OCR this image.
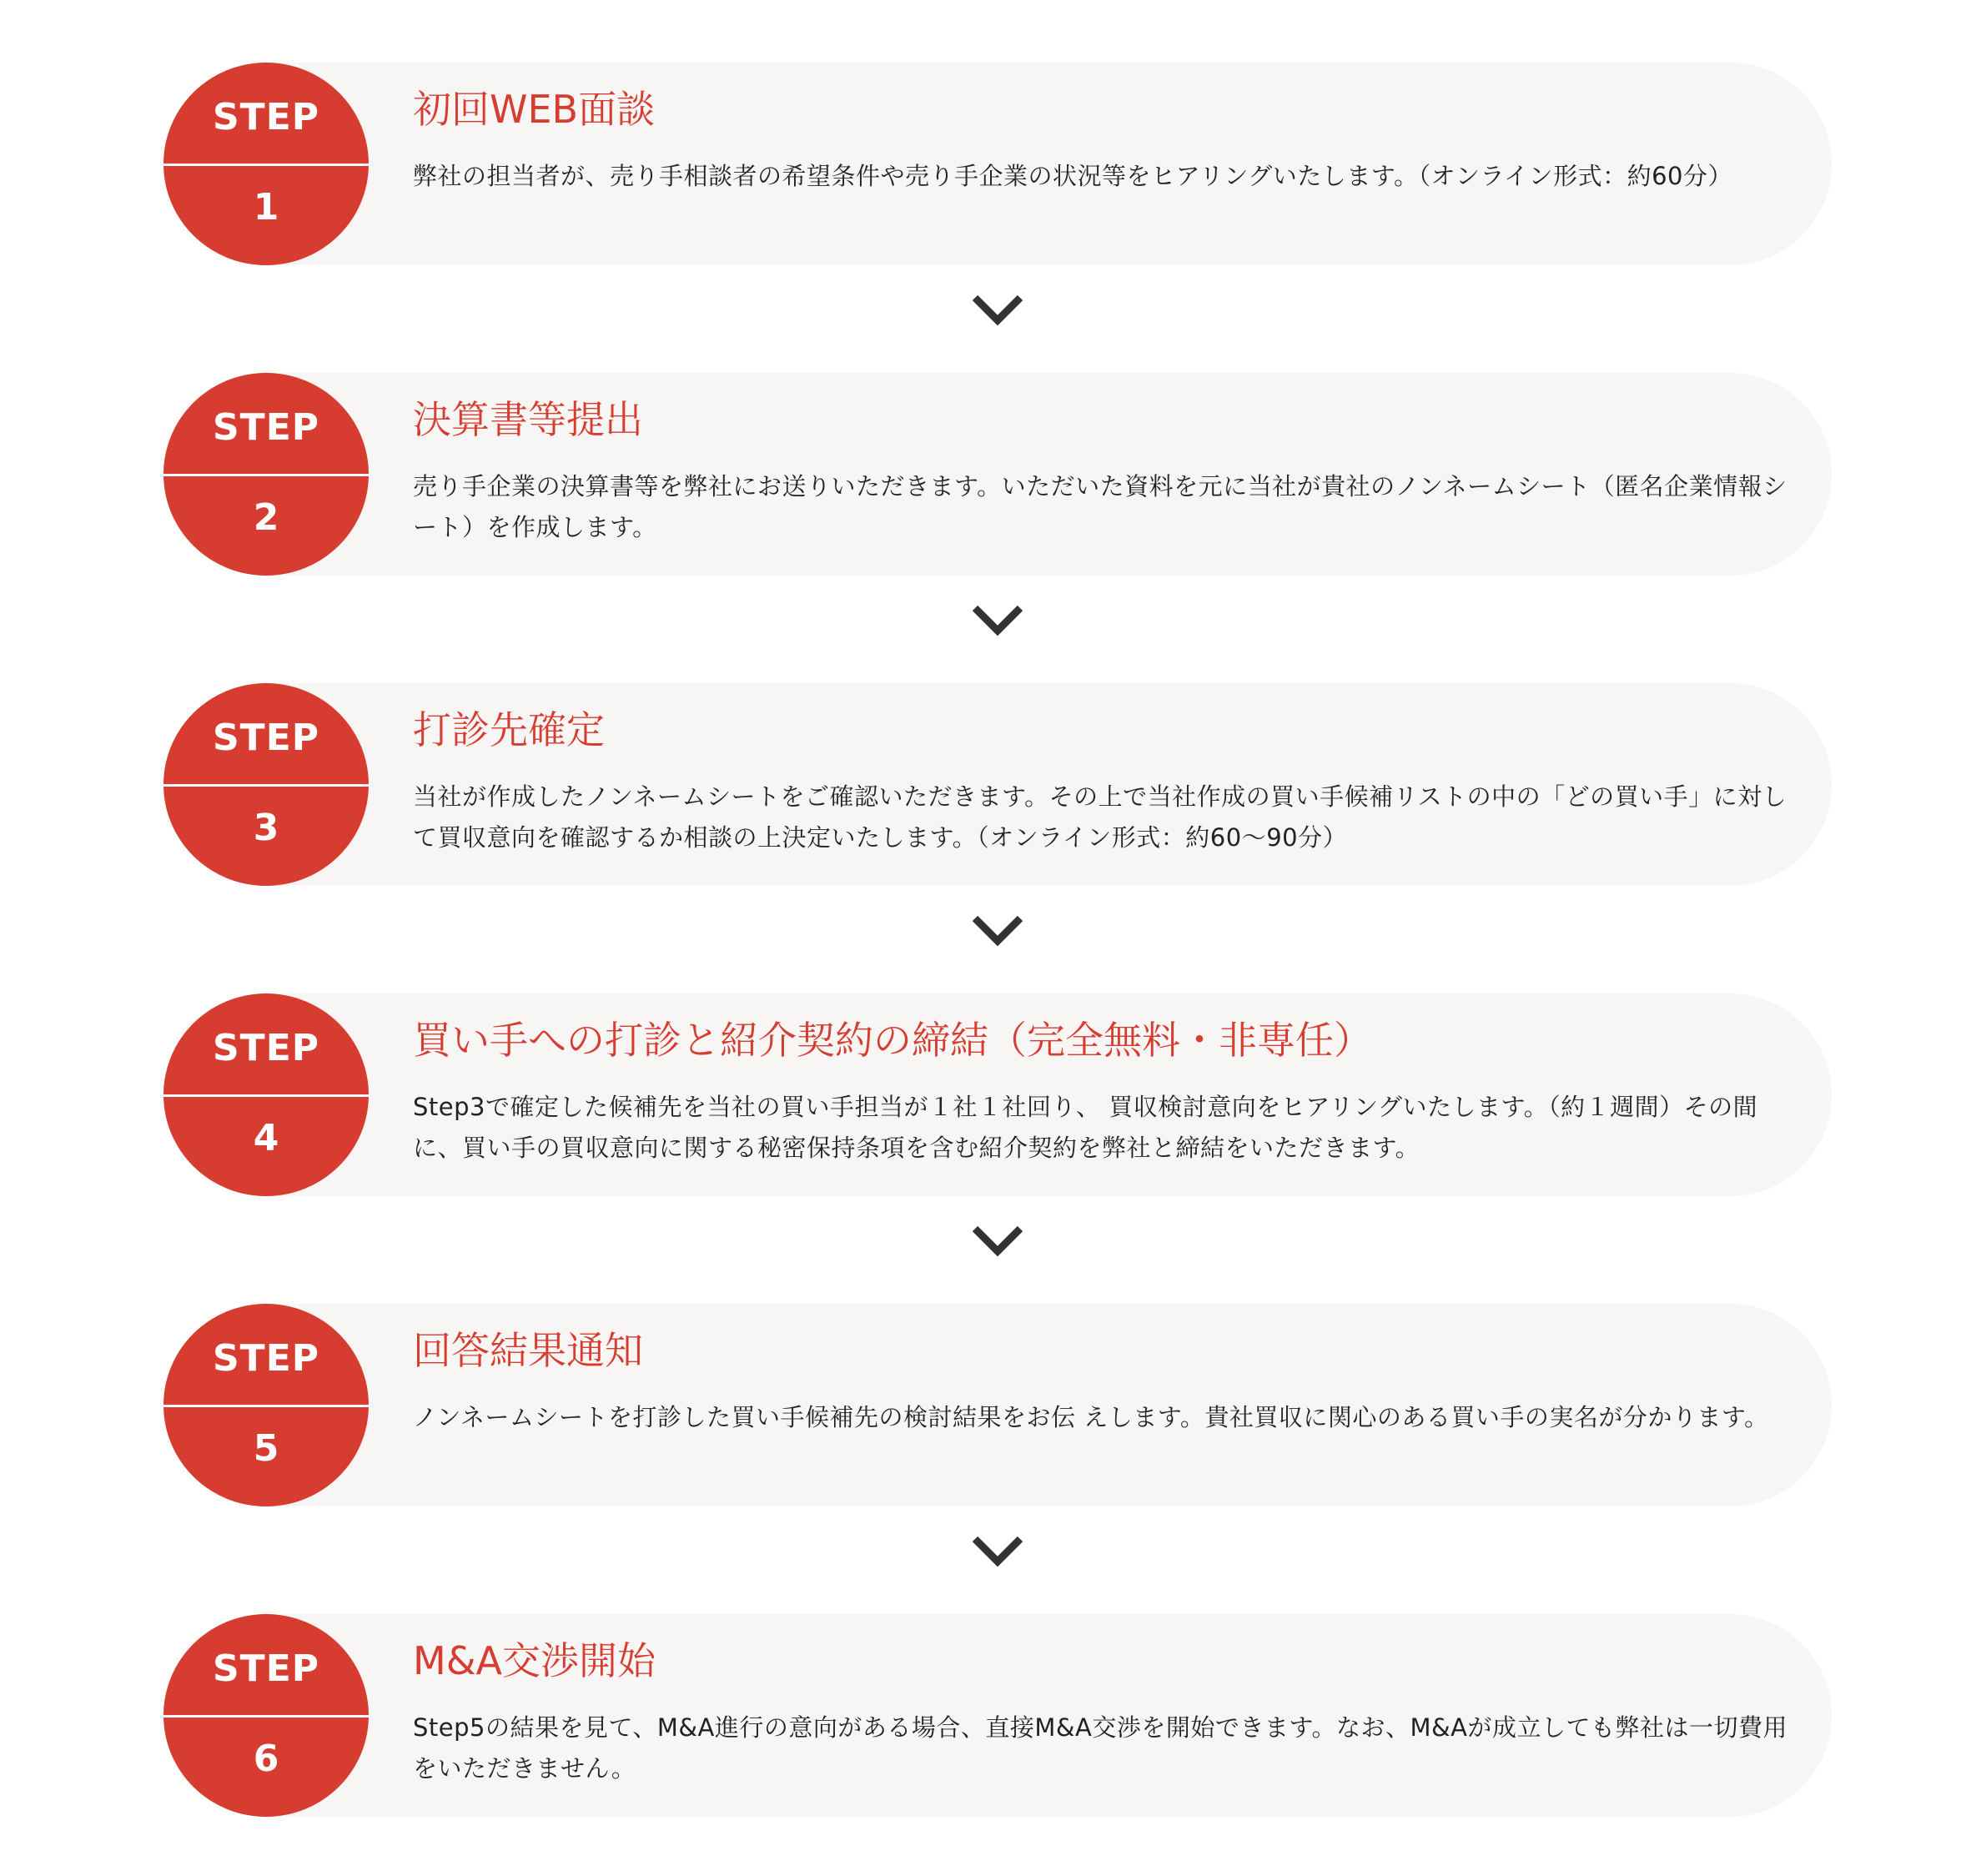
STEP
1
初回WEB面談
弊社の担当者が、売り手相談者の希望条件や売り手企業の状況等をヒアリングいたします。（オンライン形式：約60分）
STEP
2
決算書等提出
売り手企業の決算書等を弊社にお送りいただきます。いただいた資料を元に当社が貴社のノンネームシート（匿名企業情報シート）を作成します。
STEP
3
打診先確定
当社が作成したノンネームシートをご確認いただきます。その上で当社作成の買い手候補リストの中の「どの買い手」に対して買収意向を確認するか相談の上決定いたします。（オンライン形式：約60〜90分）
STEP
4
買い手への打診と紹介契約の締結（完全無料・非専任）
Step3で確定した候補先を当社の買い手担当が１社１社回り、 買収検討意向をヒアリングいたします。（約１週間）その間に、買い手の買収意向に関する秘密保持条項を含む紹介契約を弊社と締結をいただきます。
STEP
5
回答結果通知
ノンネームシートを打診した買い手候補先の検討結果をお伝 えします。貴社買収に関心のある買い手の実名が分かります。
STEP
6
M&A交渉開始
Step5の結果を見て、M&A進行の意向がある場合、直接M&A交渉を開始できます。なお、M&Aが成立しても弊社は一切費用をいただきません。
